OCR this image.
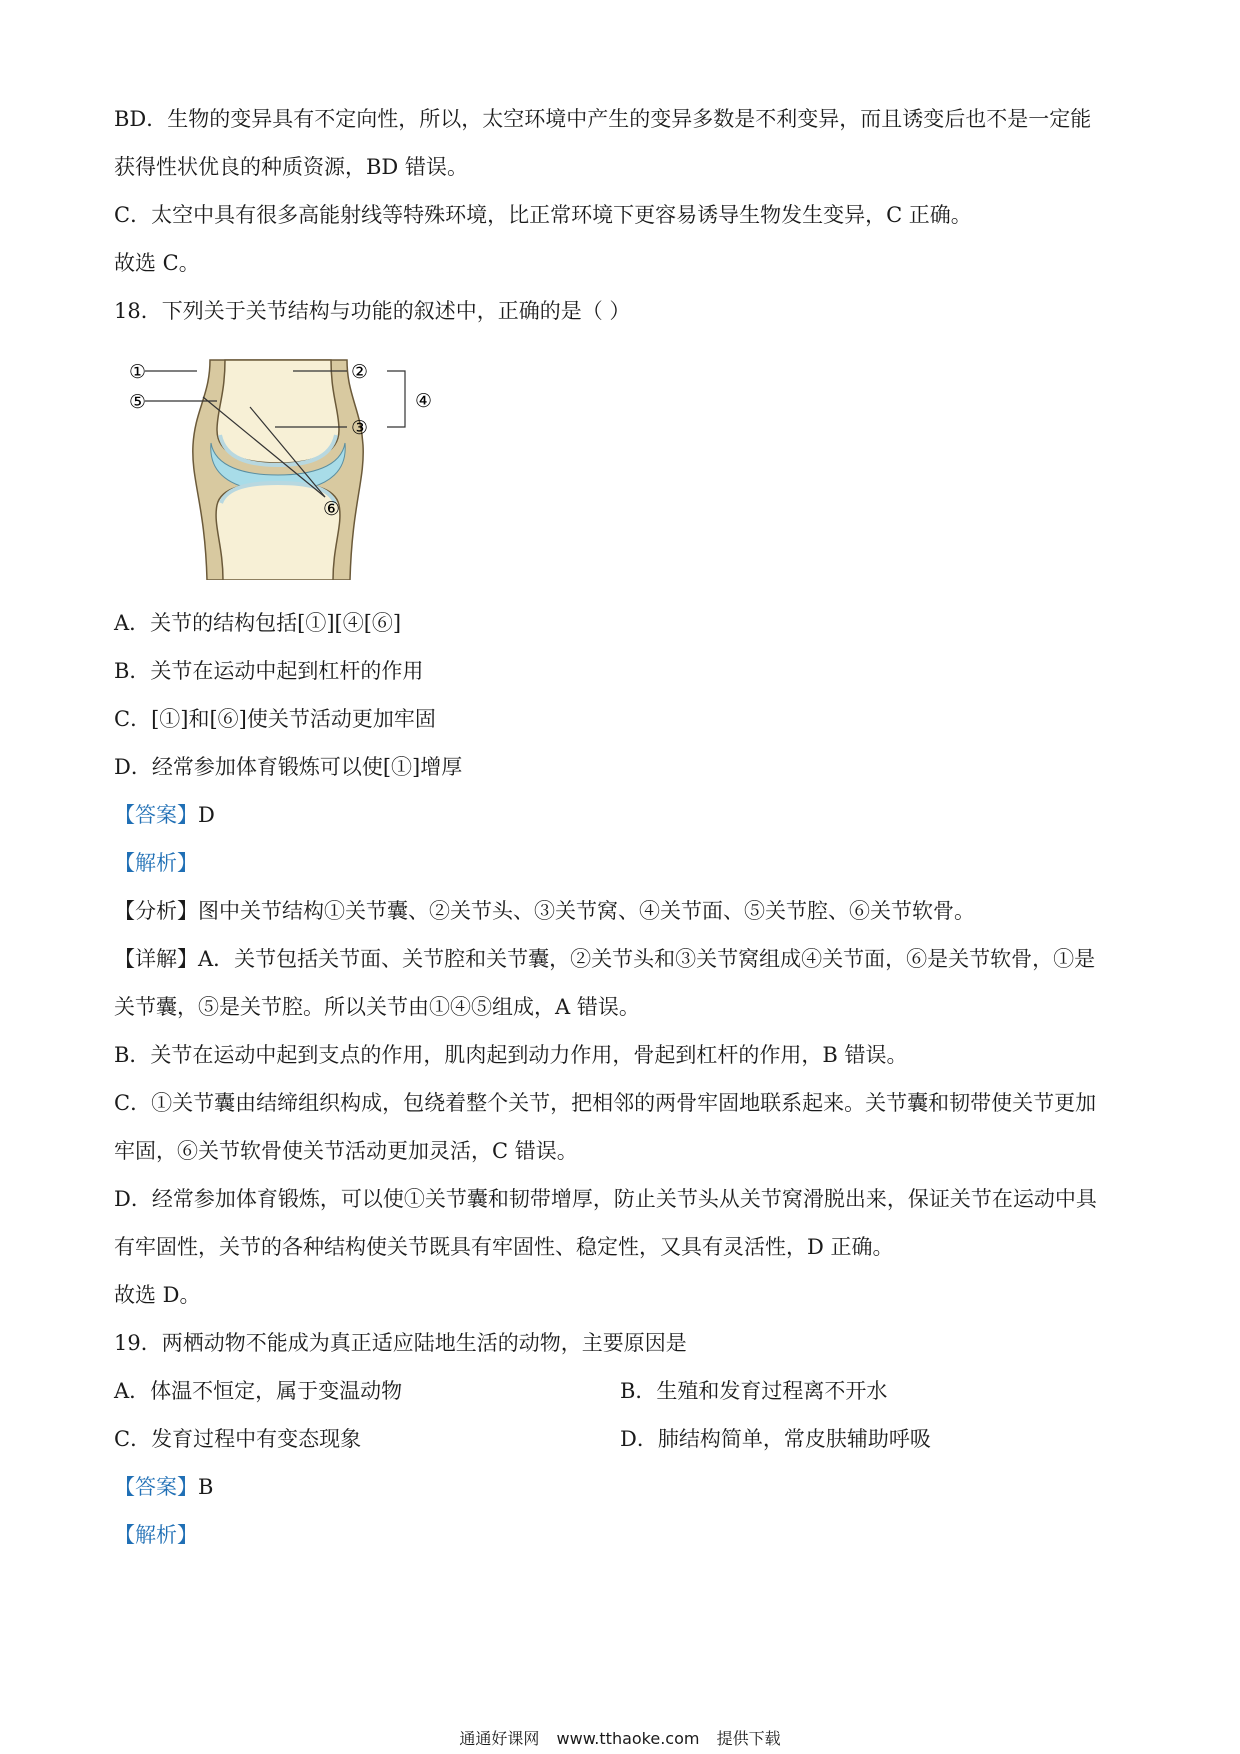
BD．生物的变异具有不定向性，所以，太空环境中产生的变异多数是不利变异，而且诱变后也不是一定能
获得性状优良的种质资源，BD 错误。
C．太空中具有很多高能射线等特殊环境，比正常环境下更容易诱导生物发生变异，C 正确。
故选 C。
18．下列关于关节结构与功能的叙述中，正确的是（ ）
①
⑤
②
③
④
⑥
A．关节的结构包括[①][④[⑥]
B．关节在运动中起到杠杆的作用
C．[①]和[⑥]使关节活动更加牢固
D．经常参加体育锻炼可以使[①]增厚
【答案】D
【解析】
【分析】图中关节结构①关节囊、②关节头、③关节窝、④关节面、⑤关节腔、⑥关节软骨。
【详解】A．关节包括关节面、关节腔和关节囊，②关节头和③关节窝组成④关节面，⑥是关节软骨，①是
关节囊，⑤是关节腔。所以关节由①④⑤组成，A 错误。
B．关节在运动中起到支点的作用，肌肉起到动力作用，骨起到杠杆的作用，B 错误。
C．①关节囊由结缔组织构成，包绕着整个关节，把相邻的两骨牢固地联系起来。关节囊和韧带使关节更加
牢固，⑥关节软骨使关节活动更加灵活，C 错误。
D．经常参加体育锻炼，可以使①关节囊和韧带增厚，防止关节头从关节窝滑脱出来，保证关节在运动中具
有牢固性，关节的各种结构使关节既具有牢固性、稳定性，又具有灵活性，D 正确。
故选 D。
19．两栖动物不能成为真正适应陆地生活的动物，主要原因是
A．体温不恒定，属于变温动物	B．生殖和发育过程离不开水
C．发育过程中有变态现象	D．肺结构简单，常皮肤辅助呼吸
【答案】B
【解析】
通通好课网 www.tthaoke.com 提供下载
